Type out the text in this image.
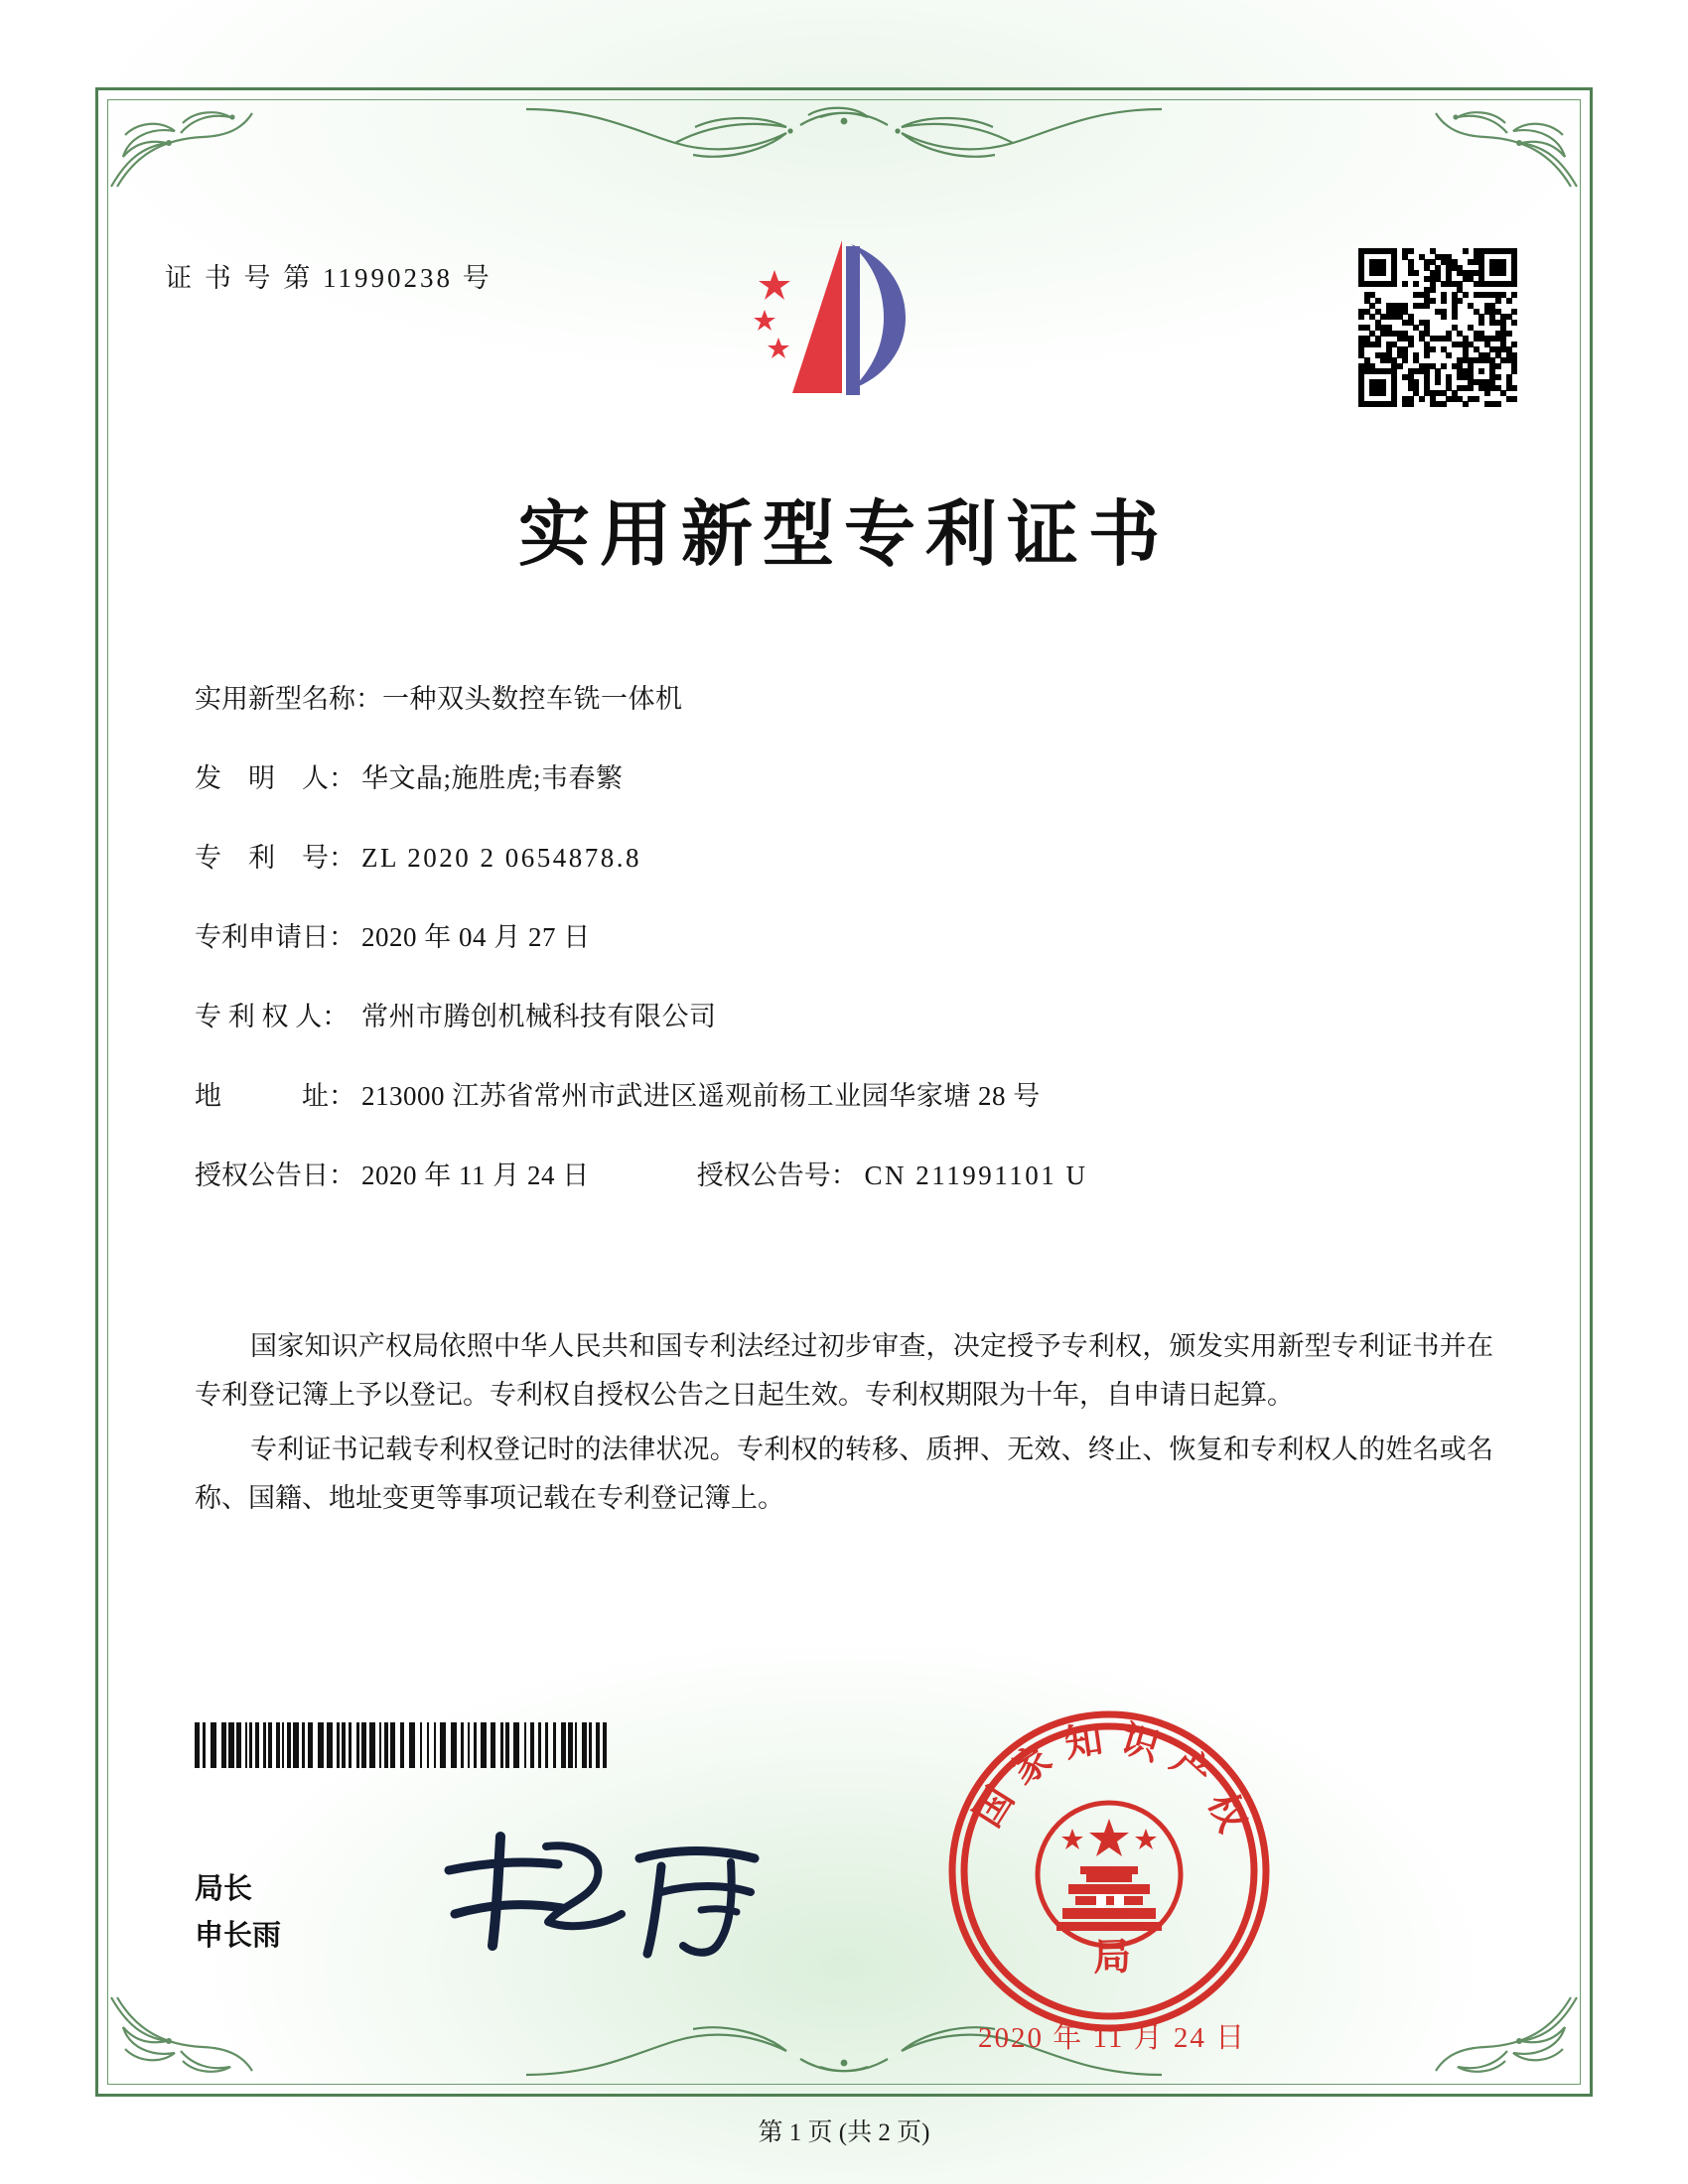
证 书 号 第 11990238 号
实用新型专利证书
实用新型名称： 一种双头数控车铣一体机
发　明　人： 华文晶;施胜虎;韦春繁
专　利　号： ZL 2020 2 0654878.8
专利申请日： 2020 年 04 月 27 日
专 利 权 人： 常州市腾创机械科技有限公司
地　　　址： 213000 江苏省常州市武进区遥观前杨工业园华家塘 28 号
授权公告日： 2020 年 11 月 24 日	授权公告号： CN 211991101 U

国家知识产权局依照中华人民共和国专利法经过初步审查，决定授予专利权，颁发实用新型专利证书并在专利登记簿上予以登记。专利权自授权公告之日起生效。专利权期限为十年，自申请日起算。

专利证书记载专利权登记时的法律状况。专利权的转移、质押、无效、终止、恢复和专利权人的姓名或名称、国籍、地址变更等事项记载在专利登记簿上。

局长
申长雨
国家知识产权
局
2020 年 11 月 24 日
第 1 页 (共 2 页)
